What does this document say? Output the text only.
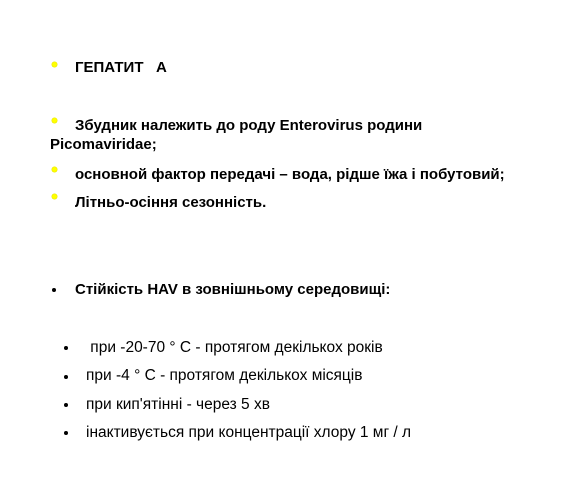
ГЕПАТИТ   А
Збудник належить до роду Enterovirus родини
Picomaviridae;
основной фактор передачі – вода, рідше їжа і побутовий;
Літньо-осіння сезонність.
Стійкість HAV в зовнішньому середовищі:
при -20-70 ° С - протягом декількох років
при -4 ° С - протягом декількох місяців
при кип'ятінні - через 5 хв
інактивується при концентрації хлору 1 мг / л
